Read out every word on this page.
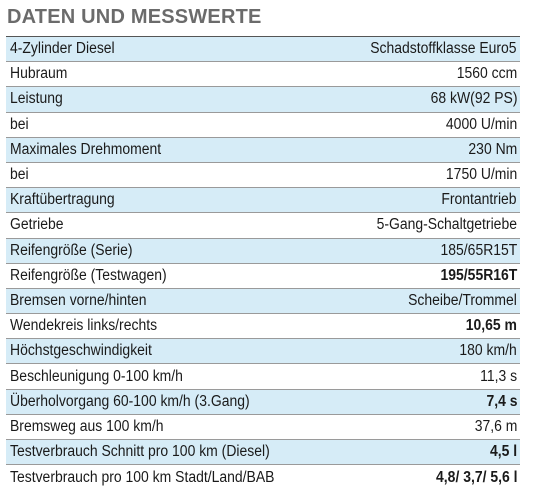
DATEN UND MESSWERTE
4-Zylinder Diesel	Schadstoffklasse Euro5
Hubraum	1560 ccm
Leistung	68 kW(92 PS)
bei	4000 U/min
Maximales Drehmoment	230 Nm
bei	1750 U/min
Kraftübertragung	Frontantrieb
Getriebe	5-Gang-Schaltgetriebe
Reifengröße (Serie)	185/65R15T
Reifengröße (Testwagen)	195/55R16T
Bremsen vorne/hinten	Scheibe/Trommel
Wendekreis links/rechts	10,65 m
Höchstgeschwindigkeit	180 km/h
Beschleunigung 0-100 km/h	11,3 s
Überholvorgang 60-100 km/h (3.Gang)	7,4 s
Bremsweg aus 100 km/h	37,6 m
Testverbrauch Schnitt pro 100 km (Diesel)	4,5 l
Testverbrauch pro 100 km Stadt/Land/BAB	4,8/ 3,7/ 5,6 l
